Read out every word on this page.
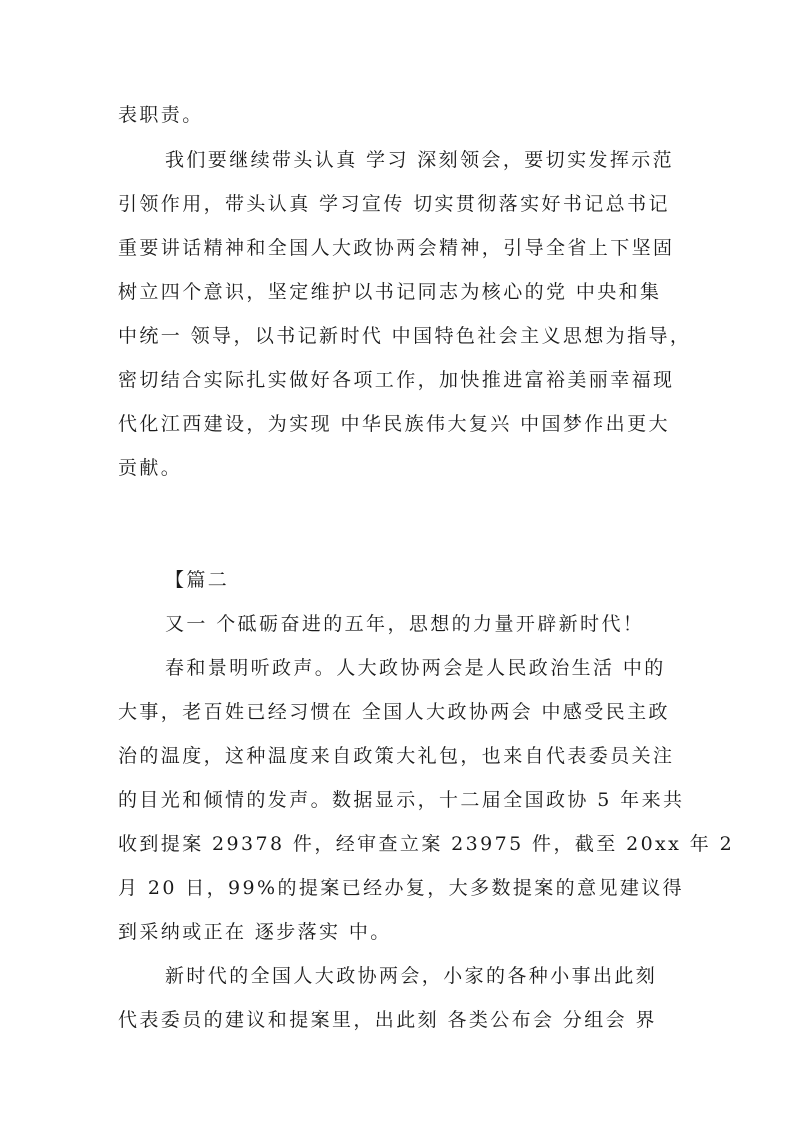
表职责。
我们要继续带头认真 学习 深刻领会，要切实发挥示范
引领作用，带头认真 学习宣传 切实贯彻落实好书记总书记
重要讲话精神和全国人大政协两会精神，引导全省上下坚固
树立四个意识，坚定维护以书记同志为核心的党 中央和集
中统一 领导，以书记新时代 中国特色社会主义思想为指导，
密切结合实际扎实做好各项工作，加快推进富裕美丽幸福现
代化江西建设，为实现 中华民族伟大复兴 中国梦作出更大
贡献。
【篇二
又一 个砥砺奋进的五年，思想的力量开辟新时代！
春和景明听政声。人大政协两会是人民政治生活 中的
大事，老百姓已经习惯在 全国人大政协两会 中感受民主政
治的温度，这种温度来自政策大礼包，也来自代表委员关注
的目光和倾情的发声。数据显示，十二届全国政协 5 年来共
收到提案 29378 件，经审查立案 23975 件，截至 20xx 年 2
月 20 日，99%的提案已经办复，大多数提案的意见建议得
到采纳或正在 逐步落实 中。
新时代的全国人大政协两会，小家的各种小事出此刻
代表委员的建议和提案里，出此刻 各类公布会 分组会 界
